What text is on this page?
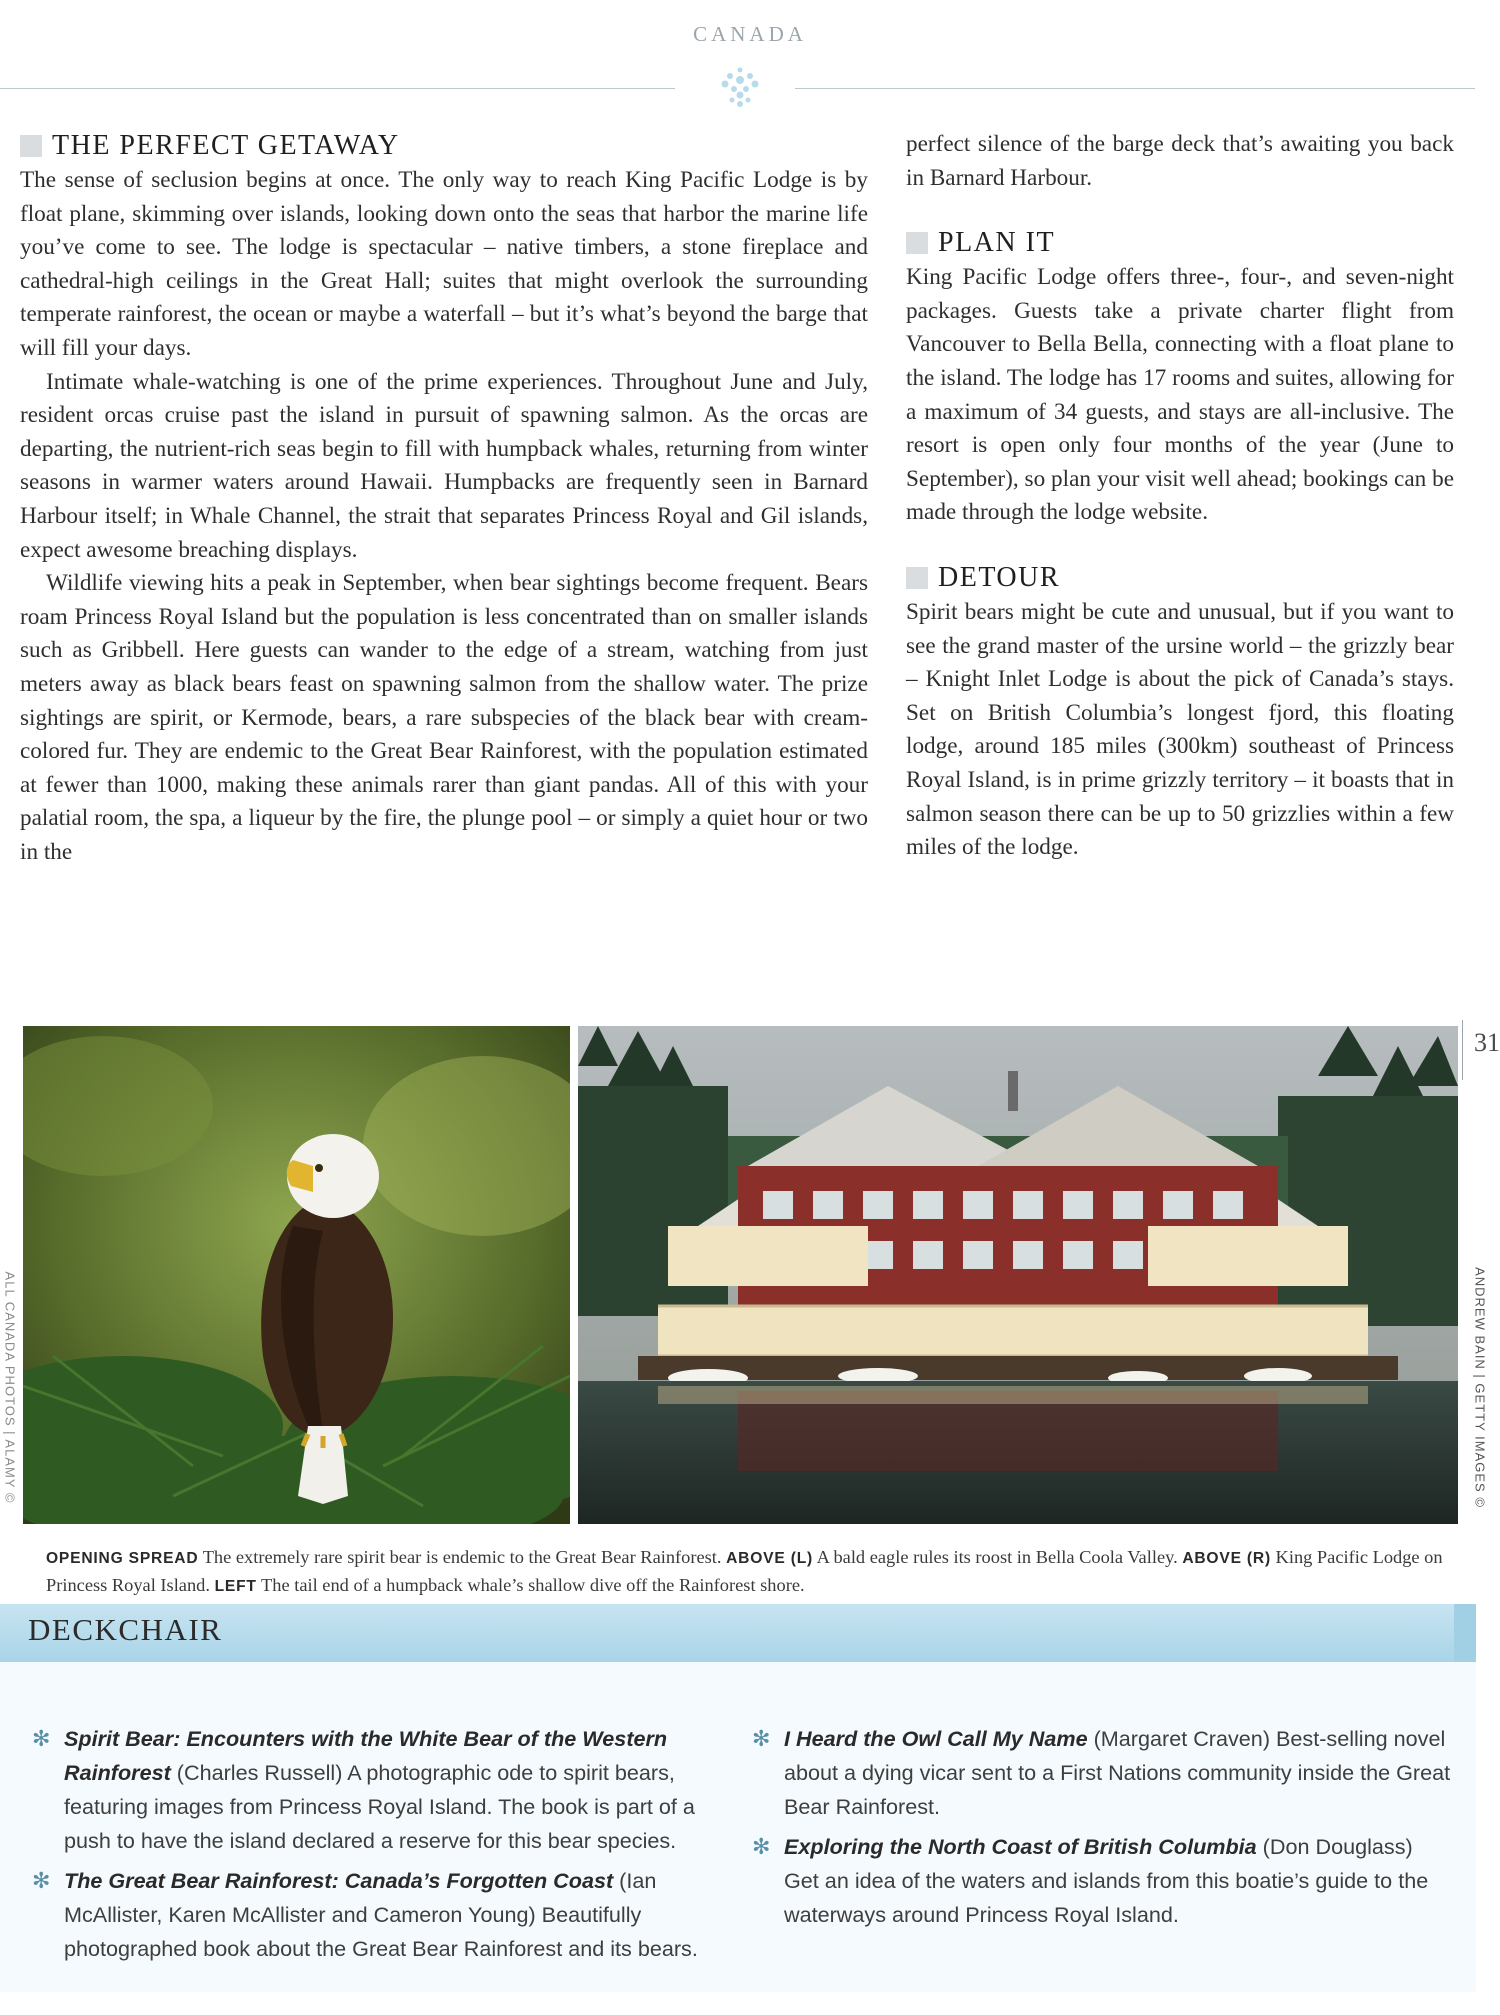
CANADA
THE PERFECT GETAWAY

The sense of seclusion begins at once. The only way to reach King Pacific Lodge is by float plane, skimming over islands, looking down onto the seas that harbor the marine life you’ve come to see. The lodge is spectacular – native timbers, a stone fireplace and cathedral-high ceilings in the Great Hall; suites that might overlook the surrounding temperate rainforest, the ocean or maybe a waterfall – but it’s what’s beyond the barge that will fill your days.

Intimate whale-watching is one of the prime experiences. Throughout June and July, resident orcas cruise past the island in pursuit of spawning salmon. As the orcas are departing, the nutrient-rich seas begin to fill with humpback whales, returning from winter seasons in warmer waters around Hawaii. Humpbacks are frequently seen in Barnard Harbour itself; in Whale Channel, the strait that separates Princess Royal and Gil islands, expect awesome breaching displays.

Wildlife viewing hits a peak in September, when bear sightings become frequent. Bears roam Princess Royal Island but the population is less concentrated than on smaller islands such as Gribbell. Here guests can wander to the edge of a stream, watching from just meters away as black bears feast on spawning salmon from the shallow water. The prize sightings are spirit, or Kermode, bears, a rare subspecies of the black bear with cream-colored fur. They are endemic to the Great Bear Rainforest, with the population estimated at fewer than 1000, making these animals rarer than giant pandas. All of this with your palatial room, the spa, a liqueur by the fire, the plunge pool – or simply a quiet hour or two in the

perfect silence of the barge deck that’s awaiting you back in Barnard Harbour.

PLAN IT

King Pacific Lodge offers three-, four-, and seven-night packages. Guests take a private charter flight from Vancouver to Bella Bella, connecting with a float plane to the island. The lodge has 17 rooms and suites, allowing for a maximum of 34 guests, and stays are all-inclusive. The resort is open only four months of the year (June to September), so plan your visit well ahead; bookings can be made through the lodge website.

DETOUR

Spirit bears might be cute and unusual, but if you want to see the grand master of the ursine world – the grizzly bear – Knight Inlet Lodge is about the pick of Canada’s stays. Set on British Columbia’s longest fjord, this floating lodge, around 185 miles (300km) southeast of Princess Royal Island, is in prime grizzly territory – it boasts that in salmon season there can be up to 50 grizzlies within a few miles of the lodge.

31
ALL CANADA PHOTOS | ALAMY ©	ANDREW BAIN | GETTY IMAGES ©
OPENING SPREAD The extremely rare spirit bear is endemic to the Great Bear Rainforest. ABOVE (L) A bald eagle rules its roost in Bella Coola Valley. ABOVE (R) King Pacific Lodge on Princess Royal Island. LEFT The tail end of a humpback whale’s shallow dive off the Rainforest shore.
DECKCHAIR
✻ Spirit Bear: Encounters with the White Bear of the Western Rainforest (Charles Russell) A photographic ode to spirit bears, featuring images from Princess Royal Island. The book is part of a push to have the island declared a reserve for this bear species.
✻ The Great Bear Rainforest: Canada’s Forgotten Coast (Ian McAllister, Karen McAllister and Cameron Young) Beautifully photographed book about the Great Bear Rainforest and its bears.
✻ I Heard the Owl Call My Name (Margaret Craven) Best-selling novel about a dying vicar sent to a First Nations community inside the Great Bear Rainforest.
✻ Exploring the North Coast of British Columbia (Don Douglass) Get an idea of the waters and islands from this boatie’s guide to the waterways around Princess Royal Island.
